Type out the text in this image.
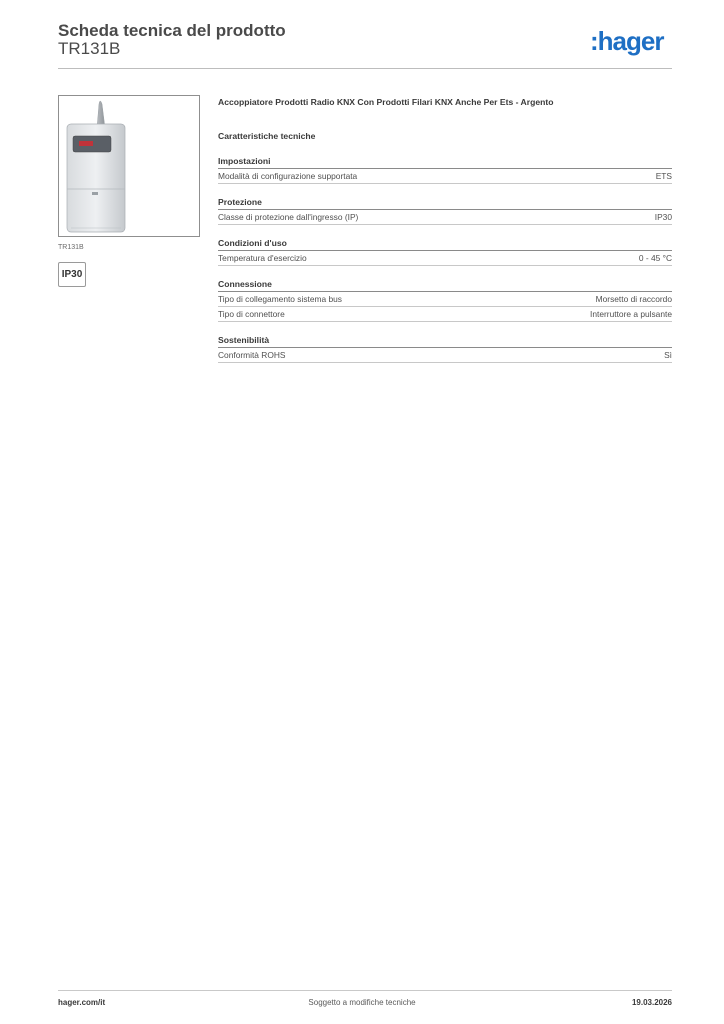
Scheda tecnica del prodotto
TR131B	:hager
TR131B
IP30
Accoppiatore Prodotti Radio KNX Con Prodotti Filari KNX Anche Per Ets - Argento
Caratteristiche tecniche
Impostazioni
Modalità di configurazione supportata	ETS
Protezione
Classe di protezione dall'ingresso (IP)	IP30
Condizioni d'uso
Temperatura d'esercizio	0 - 45 °C
Connessione
Tipo di collegamento sistema bus	Morsetto di raccordo
Tipo di connettore	Interruttore a pulsante
Sostenibilità
Conformità ROHS	Sì
hager.com/it	Soggetto a modifiche tecniche	19.03.2026
